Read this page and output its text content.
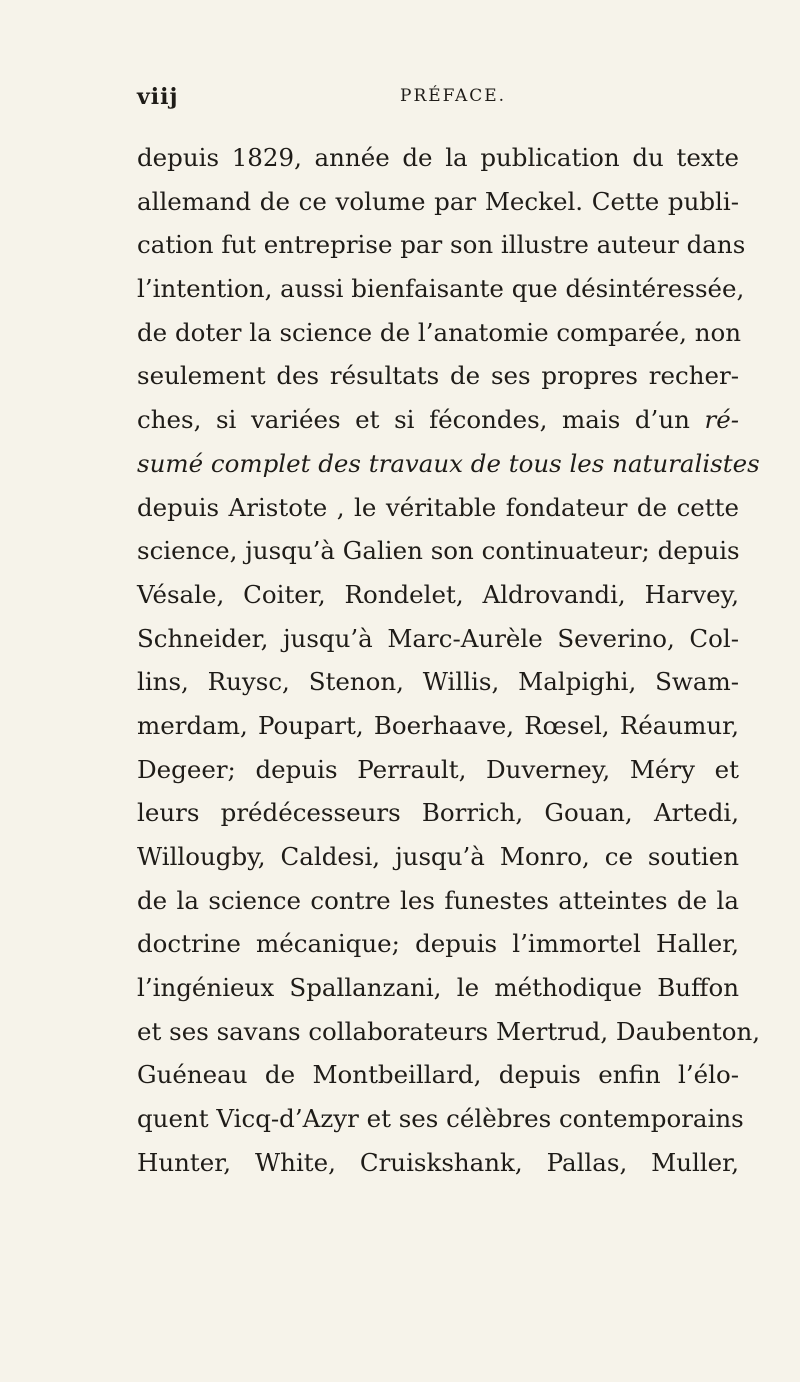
viij	PRÉFACE.
depuis 1829, année de la publication du texte
allemand de ce volume par Meckel. Cette publi-
cation fut entreprise par son illustre auteur dans
l’intention, aussi bienfaisante que désintéressée,
de doter la science de l’anatomie comparée, non
seulement des résultats de ses propres recher-
ches, si variées et si fécondes, mais d’un ré-
sumé complet des travaux de tous les naturalistes
depuis Aristote , le véritable fondateur de cette
science, jusqu’à Galien son continuateur; depuis
Vésale, Coiter, Rondelet, Aldrovandi, Harvey,
Schneider, jusqu’à Marc-Aurèle Severino, Col-
lins, Ruysc, Stenon, Willis, Malpighi, Swam-
merdam, Poupart, Boerhaave, Rœsel, Réaumur,
Degeer; depuis Perrault, Duverney, Méry et
leurs prédécesseurs Borrich, Gouan, Artedi,
Willougby, Caldesi, jusqu’à Monro, ce soutien
de la science contre les funestes atteintes de la
doctrine mécanique; depuis l’immortel Haller,
l’ingénieux Spallanzani, le méthodique Buffon
et ses savans collaborateurs Mertrud, Daubenton,
Guéneau de Montbeillard, depuis enfin l’élo-
quent Vicq-d’Azyr et ses célèbres contemporains
Hunter, White, Cruiskshank, Pallas, Muller,
